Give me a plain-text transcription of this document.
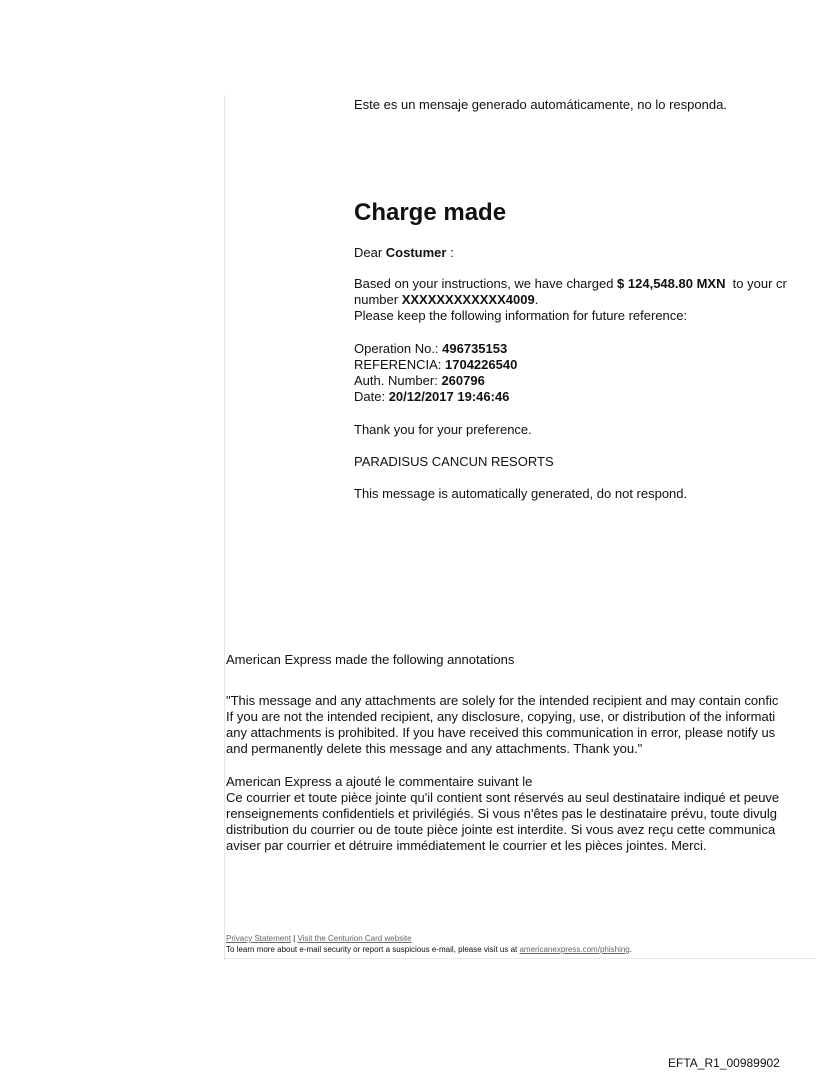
Este es un mensaje generado automáticamente, no lo responda.
Charge made
Dear Costumer :
Based on your instructions, we have charged $ 124,548.80 MXN  to your cr
number XXXXXXXXXXXX4009.
Please keep the following information for future reference:
Operation No.: 496735153
REFERENCIA: 1704226540
Auth. Number: 260796
Date: 20/12/2017 19:46:46
Thank you for your preference.
PARADISUS CANCUN RESORTS
This message is automatically generated, do not respond.
American Express made the following annotations
"This message and any attachments are solely for the intended recipient and may contain confic
If you are not the intended recipient, any disclosure, copying, use, or distribution of the informati
any attachments is prohibited. If you have received this communication in error, please notify us
and permanently delete this message and any attachments. Thank you."
American Express a ajouté le commentaire suivant le
Ce courrier et toute pièce jointe qu'il contient sont réservés au seul destinataire indiqué et peuve
renseignements confidentiels et privilégiés. Si vous n'êtes pas le destinataire prévu, toute divulg
distribution du courrier ou de toute pièce jointe est interdite. Si vous avez reçu cette communica
aviser par courrier et détruire immédiatement le courrier et les pièces jointes. Merci.
Privacy Statement | Visit the Centurion Card website
To learn more about e-mail security or report a suspicious e-mail, please visit us at americanexpress.com/phishing.
EFTA_R1_00989902
